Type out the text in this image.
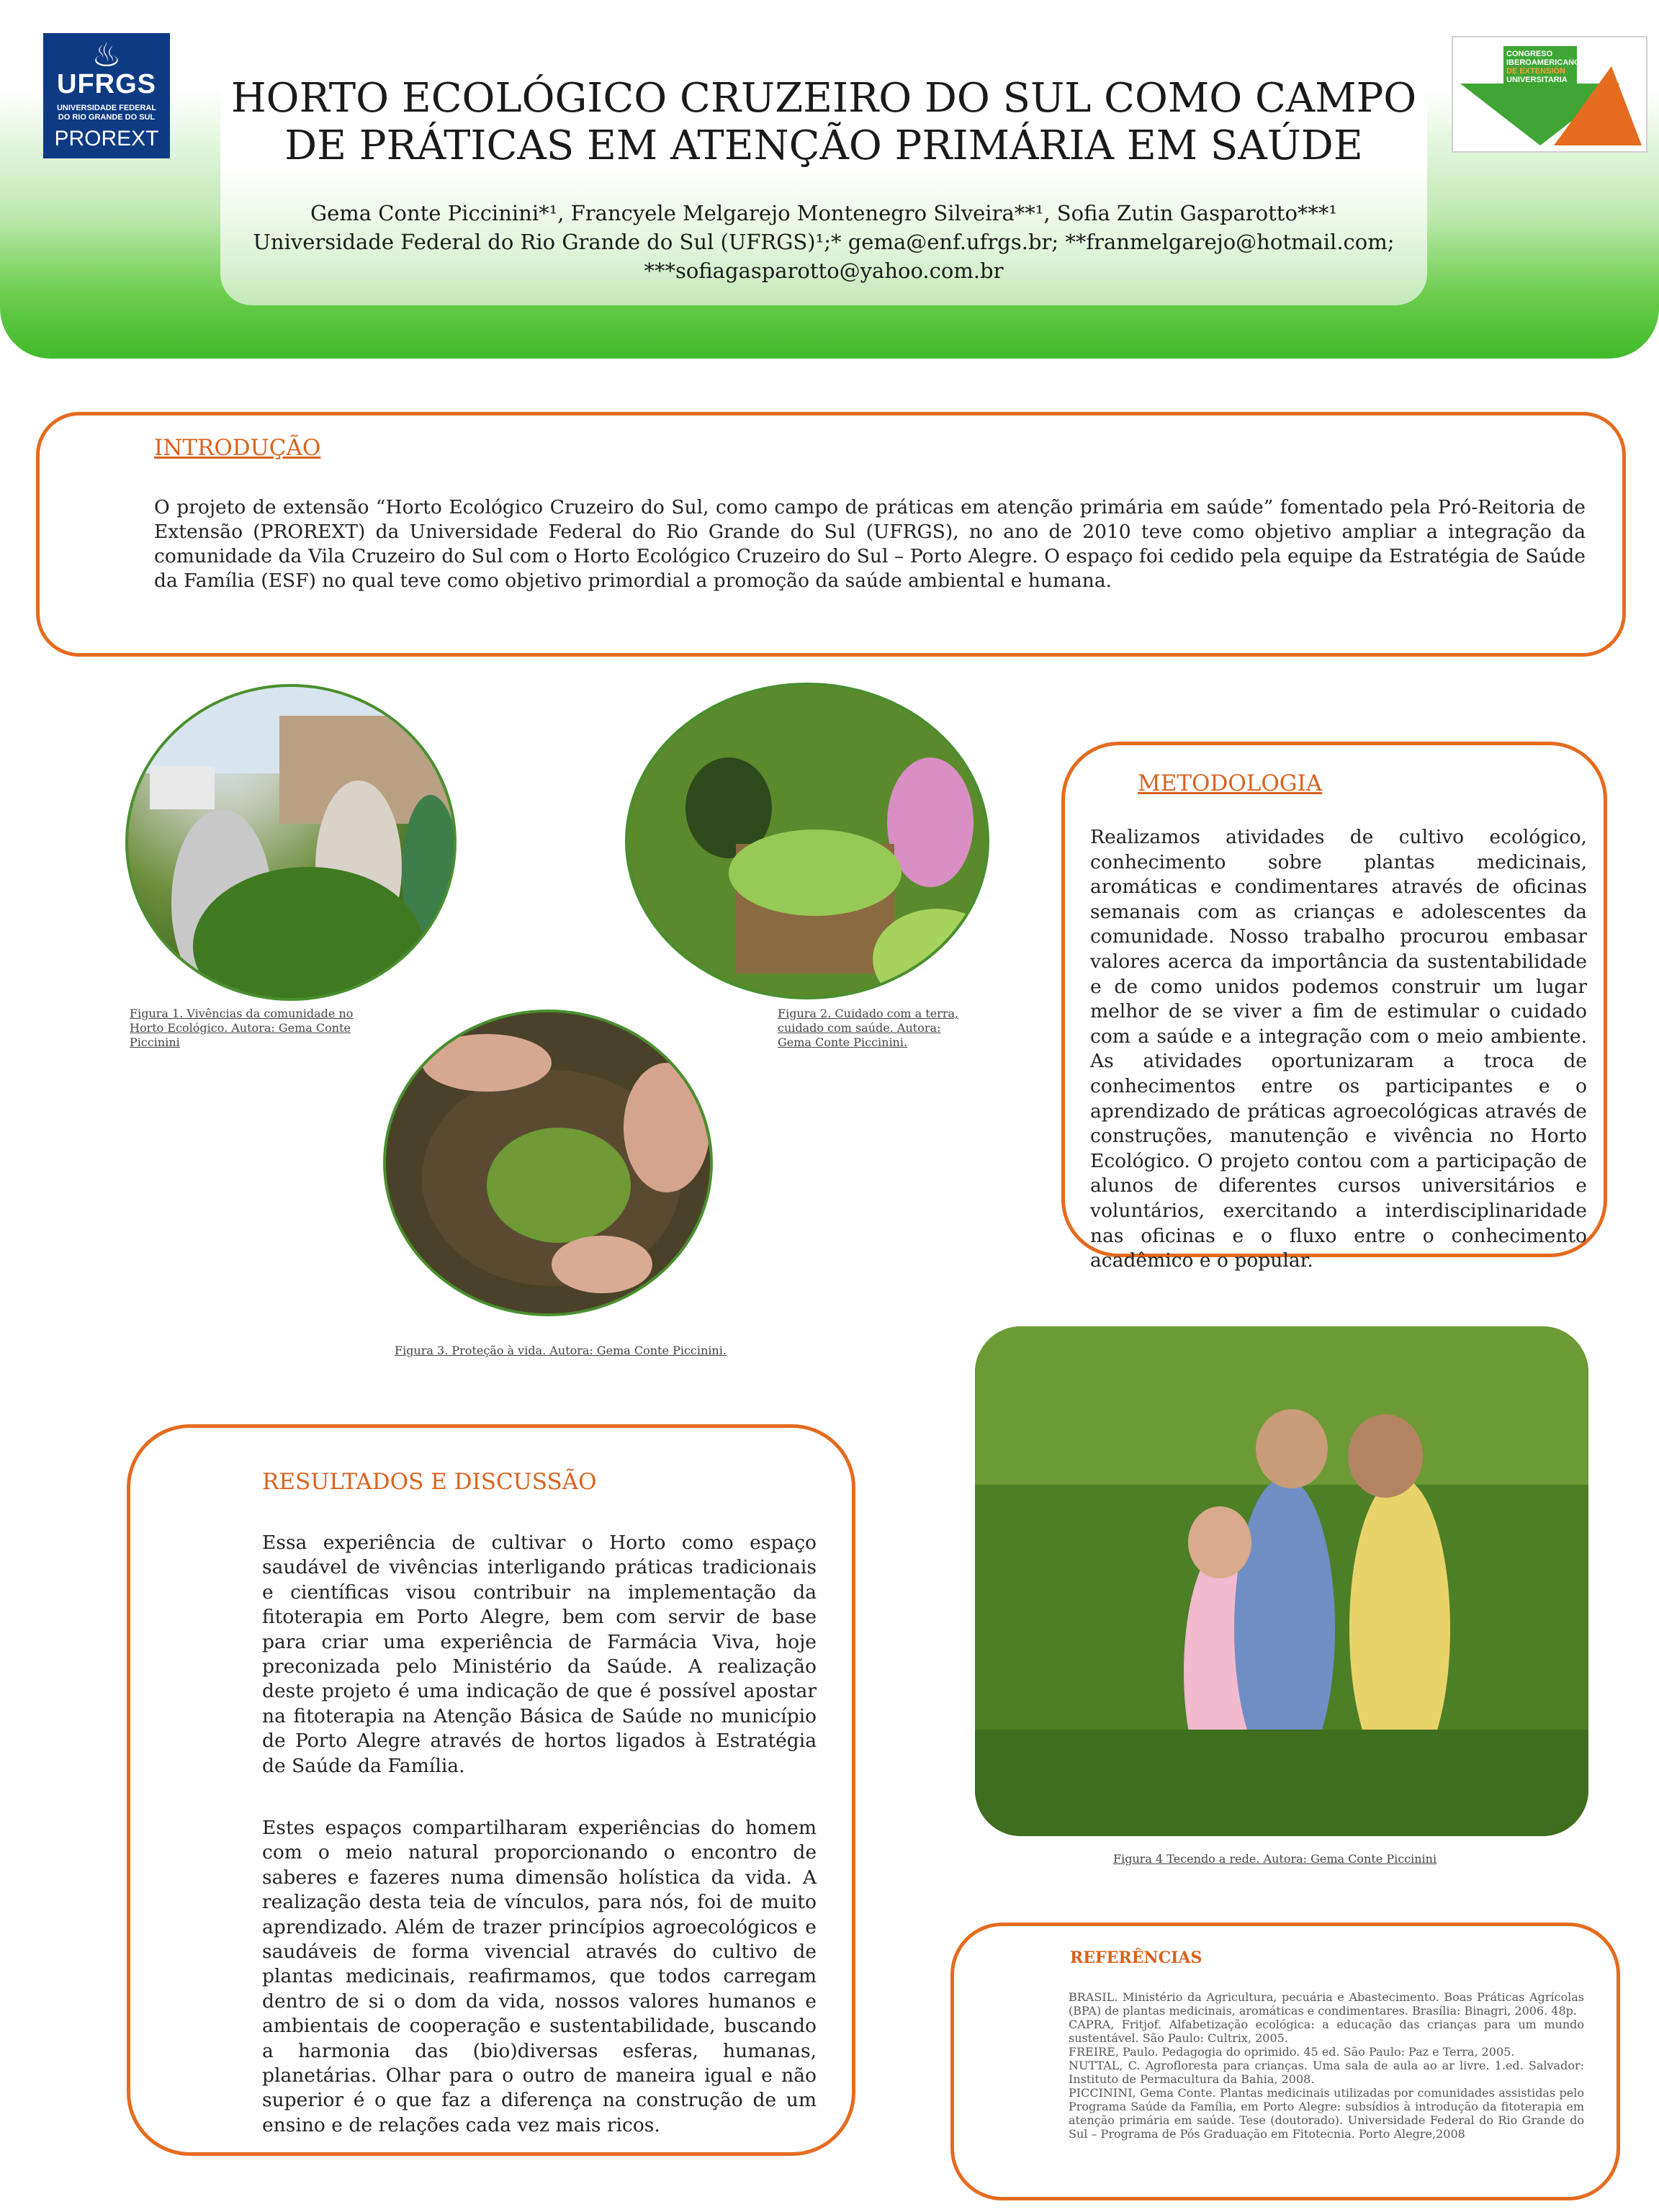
HORTO ECOLÓGICO CRUZEIRO DO SUL COMO CAMPO
DE PRÁTICAS EM ATENÇÃO PRIMÁRIA EM SAÚDE
Gema Conte Piccinini*¹, Francyele Melgarejo Montenegro Silveira**¹, Sofia Zutin Gasparotto***¹
Universidade Federal do Rio Grande do Sul (UFRGS)¹;* gema@enf.ufrgs.br; **franmelgarejo@hotmail.com;
***sofiagasparotto@yahoo.com.br
♨
UFRGS
UNIVERSIDADE FEDERAL
DO RIO GRANDE DO SUL
PROREXT
CONGRESO
IBEROAMERICANO
DE EXTENSIÓN
UNIVERSITARIA
INTRODUÇÃO
O projeto de extensão “Horto Ecológico Cruzeiro do Sul, como campo de práticas em atenção primária em saúde” fomentado pela Pró-Reitoria de Extensão (PROREXT) da Universidade Federal do Rio Grande do Sul (UFRGS), no ano de 2010 teve como objetivo ampliar a integração da comunidade da Vila Cruzeiro do Sul com o Horto Ecológico Cruzeiro do Sul – Porto Alegre. O espaço foi cedido pela equipe da Estratégia de Saúde da Família (ESF) no qual teve como objetivo primordial a promoção da saúde ambiental e humana.
Figura 1. Vivências da comunidade no Horto Ecológico. Autora: Gema Conte Piccinini
Figura 2. Cuidado com a terra, cuidado com saúde. Autora: Gema Conte Piccinini.
Figura 3. Proteção à vida. Autora: Gema Conte Piccinini.
Figura 4 Tecendo a rede. Autora: Gema Conte Piccinini
METODOLOGIA
Realizamos atividades de cultivo ecológico, conhecimento sobre plantas medicinais, aromáticas e condimentares através de oficinas semanais com as crianças e adolescentes da comunidade. Nosso trabalho procurou embasar valores acerca da importância da sustentabilidade e de como unidos podemos construir um lugar melhor de se viver a fim de estimular o cuidado com a saúde e a integração com o meio ambiente. As atividades oportunizaram a troca de conhecimentos entre os participantes e o aprendizado de práticas agroecológicas através de construções, manutenção e vivência no Horto Ecológico. O projeto contou com a participação de alunos de diferentes cursos universitários e voluntários, exercitando a interdisciplinaridade nas oficinas e o fluxo entre o conhecimento acadêmico e o popular.
RESULTADOS E DISCUSSÃO
Essa experiência de cultivar o Horto como espaço saudável de vivências interligando práticas tradicionais e científicas visou contribuir na implementação da fitoterapia em Porto Alegre, bem com servir de base para criar uma experiência de Farmácia Viva, hoje preconizada pelo Ministério da Saúde. A realização deste projeto é uma indicação de que é possível apostar na fitoterapia na Atenção Básica de Saúde no município de Porto Alegre através de hortos ligados à Estratégia de Saúde da Família.
Estes espaços compartilharam experiências do homem com o meio natural proporcionando o encontro de saberes e fazeres numa dimensão holística da vida. A realização desta teia de vínculos, para nós, foi de muito aprendizado. Além de trazer princípios agroecológicos e saudáveis de forma vivencial através do cultivo de plantas medicinais, reafirmamos, que todos carregam dentro de si o dom da vida, nossos valores humanos e ambientais de cooperação e sustentabilidade, buscando a harmonia das (bio)diversas esferas, humanas, planetárias. Olhar para o outro de maneira igual e não superior é o que faz a diferença na construção de um ensino e de relações cada vez mais ricos.
REFERÊNCIAS
BRASIL. Ministério da Agricultura, pecuária e Abastecimento. Boas Práticas Agrícolas (BPA) de plantas medicinais, aromáticas e condimentares. Brasília: Binagri, 2006. 48p.
CAPRA, Fritjof. Alfabetização ecológica: a educação das crianças para um mundo sustentável. São Paulo: Cultrix, 2005.
FREIRE, Paulo. Pedagogia do oprimido. 45 ed. São Paulo: Paz e Terra, 2005.
NUTTAL, C. Agrofloresta para crianças. Uma sala de aula ao ar livre. 1.ed. Salvador: Instituto de Permacultura da Bahia, 2008.
PICCININI, Gema Conte. Plantas medicinais utilizadas por comunidades assistidas pelo Programa Saúde da Família, em Porto Alegre: subsídios à introdução da fitoterapia em atenção primária em saúde. Tese (doutorado). Universidade Federal do Rio Grande do Sul – Programa de Pós Graduação em Fitotecnia. Porto Alegre,2008
